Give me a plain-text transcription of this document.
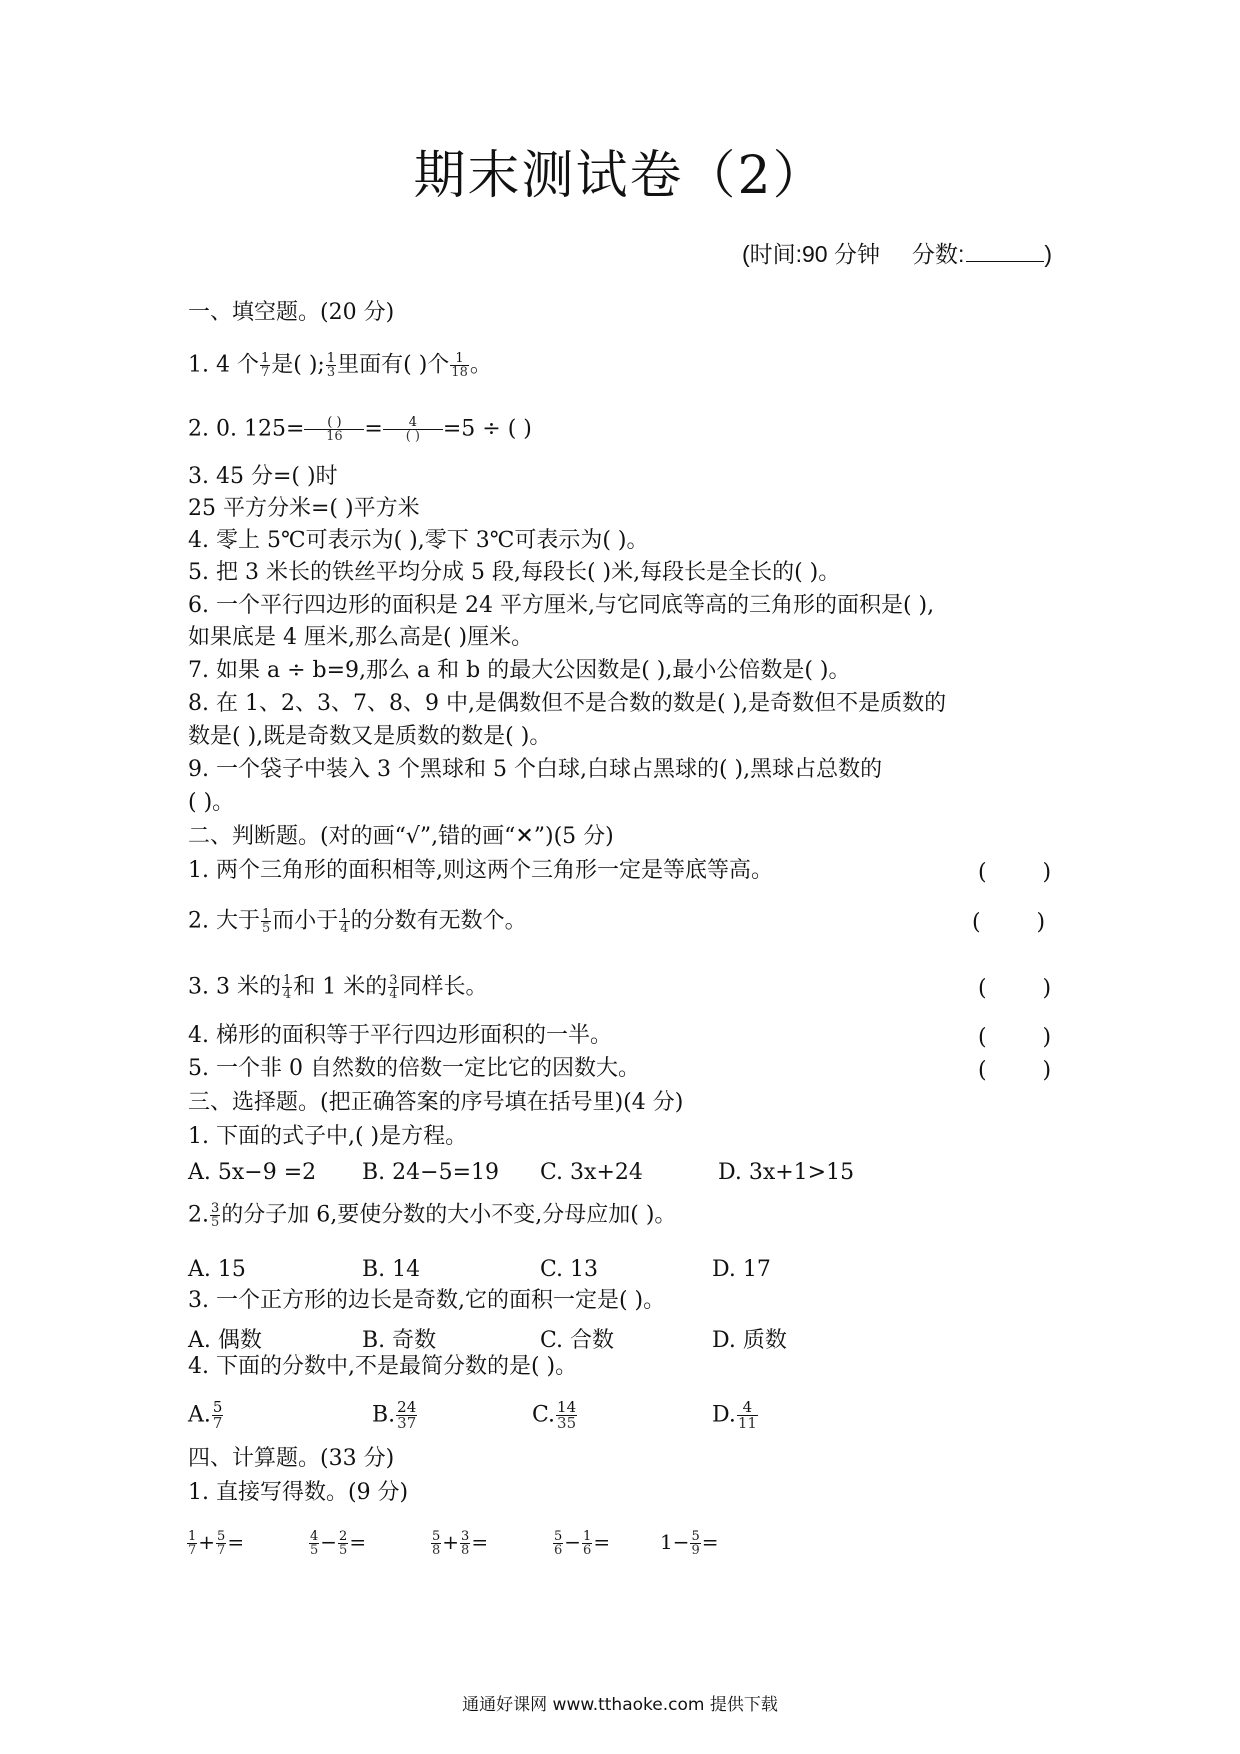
期末测试卷（2）
(时间:90 分钟 分数:	)
一、填空题。(20 分)
1. 4 个 $\frac{1}{7}$ 是( ); $\frac{1}{3}$ 里面有( )个 $\frac{1}{18}$ 。
2. 0. $125= \frac{( )}{16} = \frac{4}{( )} =5$ ÷ ( )
3. 45 分=( )时
25 平方分米=( )平方米
4. 零上 5℃可表示为( ),零下 3℃可表示为( )。
5. 把 3 米长的铁丝平均分成 5 段,每段长( )米,每段长是全长的( )。
6. 一个平行四边形的面积是 24 平方厘米,与它同底等高的三角形的面积是( ),
如果底是 4 厘米,那么高是( )厘米。
7. 如果 a ÷ b=9,那么 a 和 b 的最大公因数是( ),最小公倍数是( )。
8. 在 1、2、3、7、8、9 中,是偶数但不是合数的数是( ),是奇数但不是质数的
数是( ),既是奇数又是质数的数是( )。
9. 一个袋子中装入 3 个黑球和 5 个白球,白球占黑球的( ),黑球占总数的
( )。
二、判断题。(对的画“√”,错的画“✕”)(5 分)
1. 两个三角形的面积相等,则这两个三角形一定是等底等高。	(        )
2. 大于 $\frac{1}{5}$ 而小于 $\frac{1}{4}$ 的分数有无数个。	(        )
3. 3 米的 $\frac{1}{4}$ 和 1 米的 $\frac{3}{4}$ 同样长。	(        )
4. 梯形的面积等于平行四边形面积的一半。	(        )
5. 一个非 0 自然数的倍数一定比它的因数大。	(        )
三、选择题。(把正确答案的序号填在括号里)(4 分)
1. 下面的式子中,( )是方程。
A. 5x−9 =2 B. 24−5=19 C. 3x+24	D. 3x+1>15
2. $\frac{3}{5}$ 的分子加 6,要使分数的大小不变,分母应加( )。
A. 15	B. 14	C. 13	D. 17
3. 一个正方形的边长是奇数,它的面积一定是( )。
A. 偶数	B. 奇数	C. 合数	D. 质数
4. 下面的分数中,不是最简分数的是( )。
A. $\frac{5}{7}$	B. $\frac{24}{37}$	C. $\frac{14}{35}$	D. $\frac{4}{11}$
四、计算题。(33 分)
1. 直接写得数。(9 分)
$\frac{1}{7} + \frac{5}{7}$ =	$\frac{4}{5} - \frac{2}{5}$ =	$\frac{5}{8} + \frac{3}{8}$ =	$\frac{5}{6} - \frac{1}{6} = 1- \frac{5}{9}$ =
通通好课网 www.tthaoke.com 提供下载
